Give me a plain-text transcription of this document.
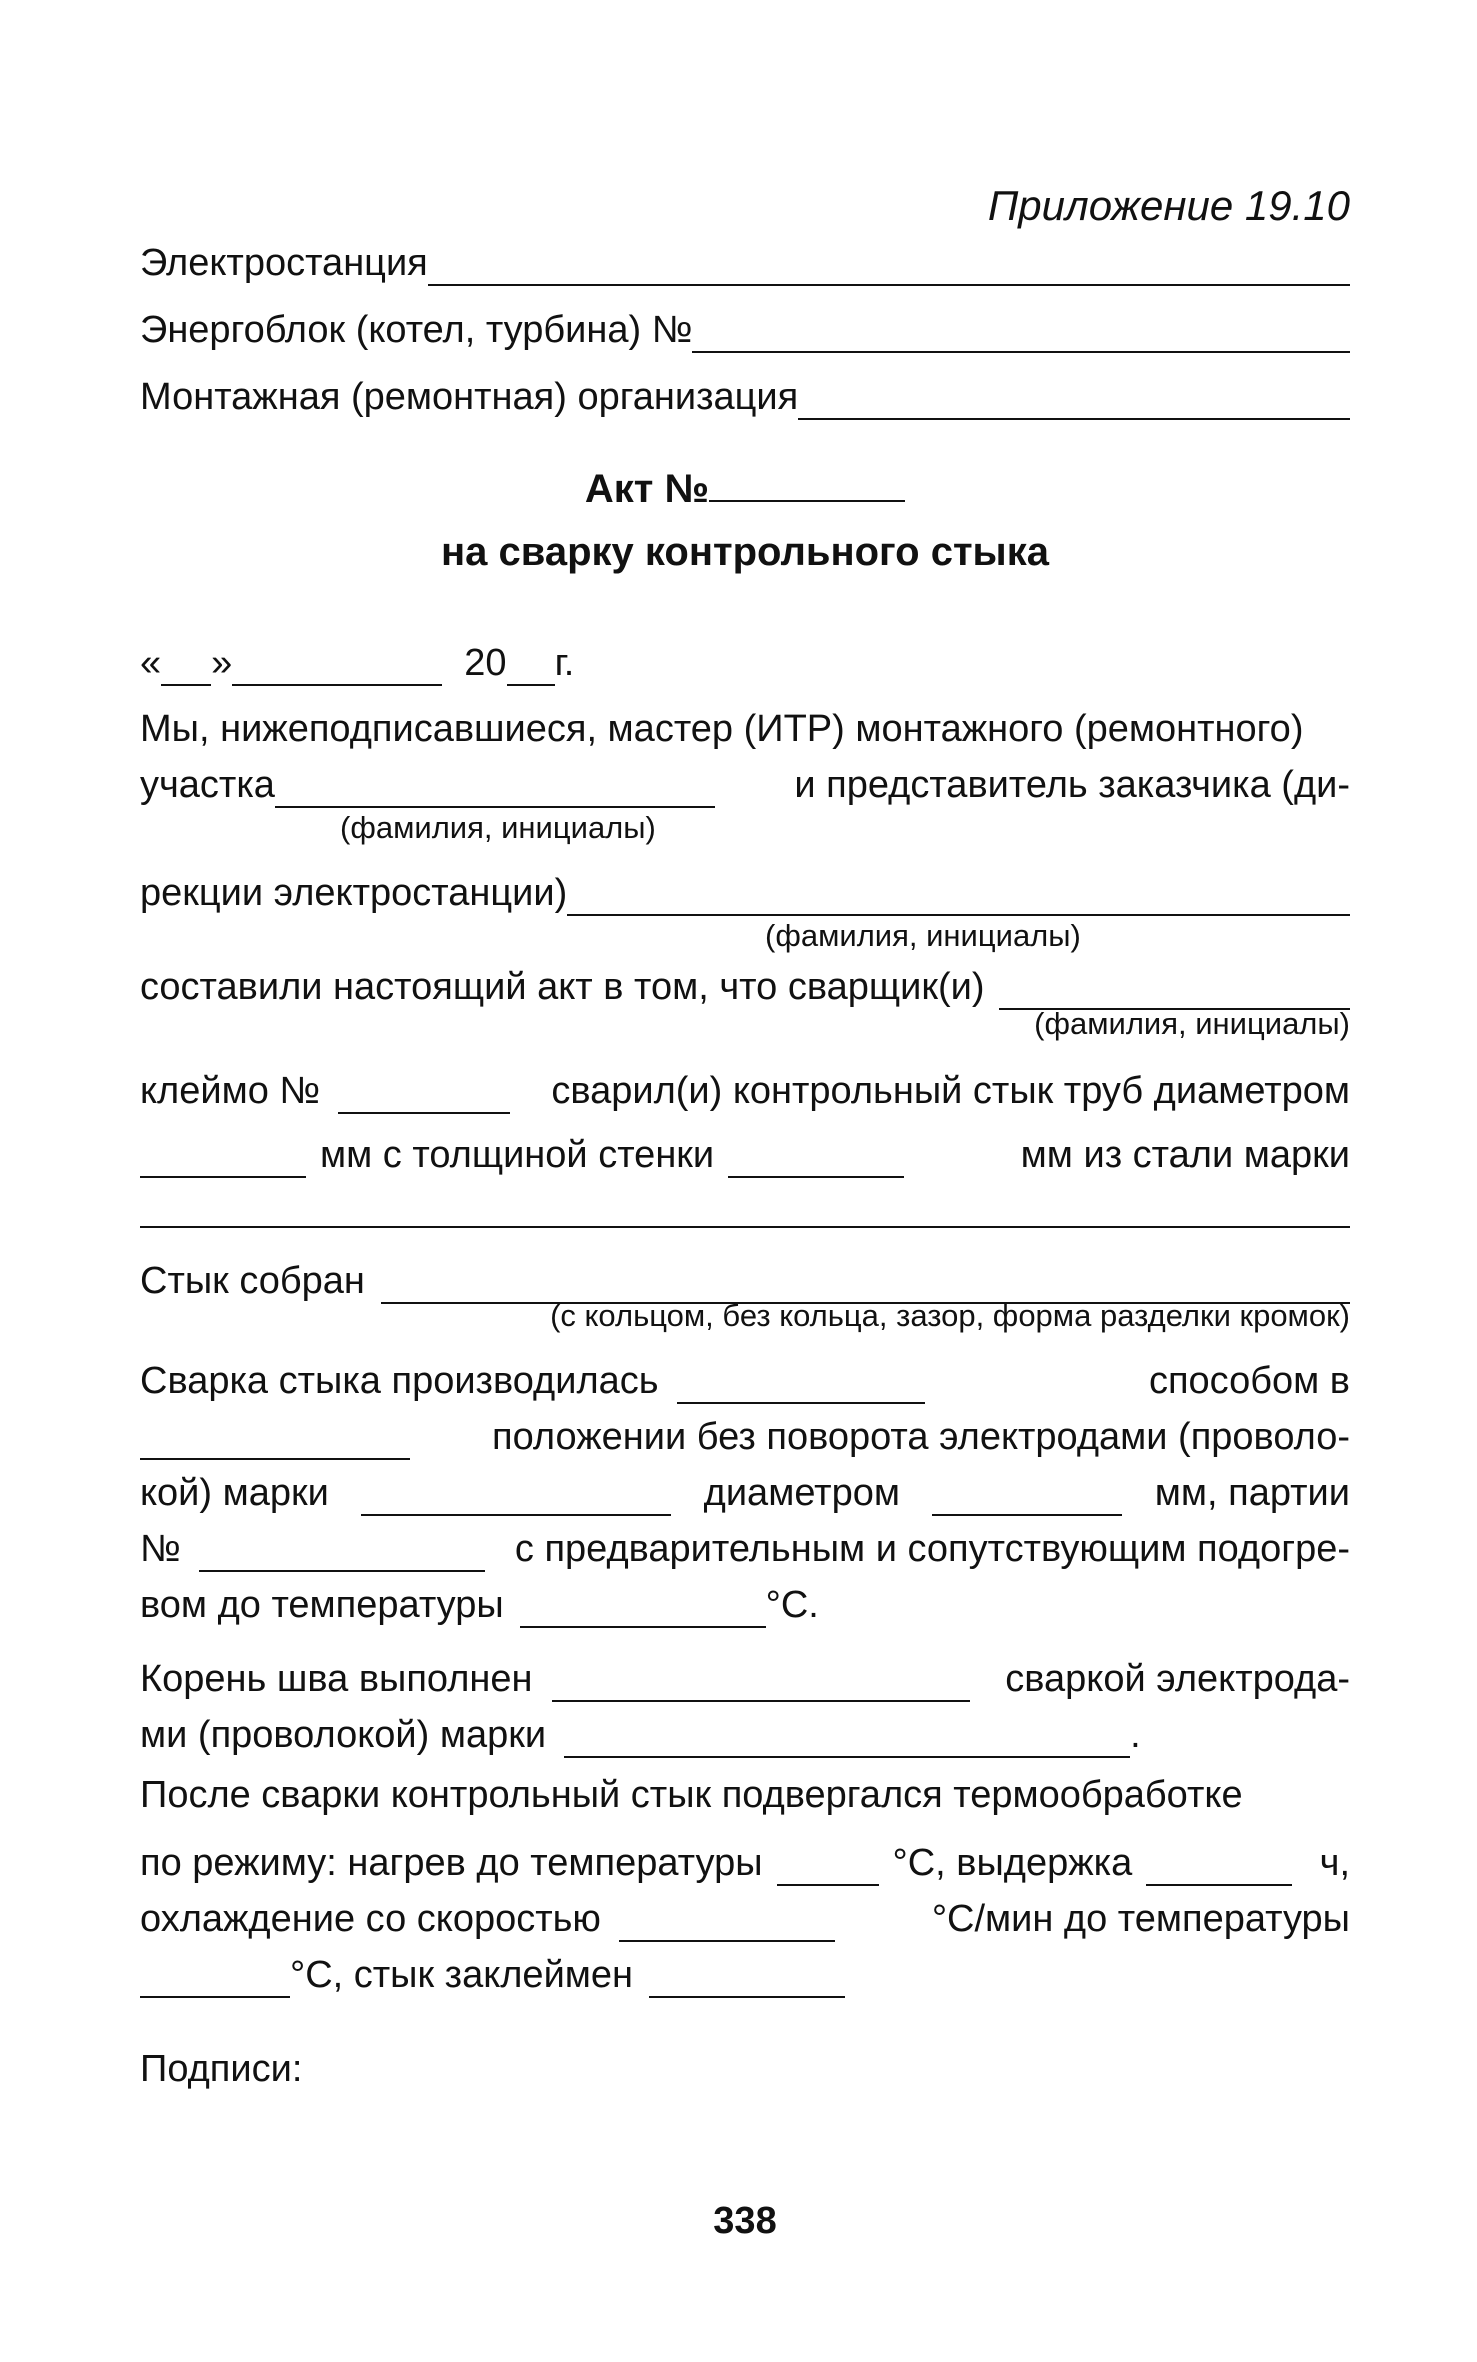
Приложение 19.10
Электростанция
Энергоблок (котел, турбина) №
Монтажная (ремонтная) организация
Акт №
на сварку контрольного стыка
« »	20 г.
Мы, нижеподписавшиеся, мастер (ИТР) монтажного (ремонтного)
участка	и представитель заказчика (ди-
(фамилия, инициалы)
рекции электростанции)
(фамилия, инициалы)
составили настоящий акт в том, что сварщик(и)
(фамилия, инициалы)
клеймо №	сварил(и) контрольный стык труб диаметром
мм с толщиной стенки	мм из стали марки
Стык собран
(с кольцом, без кольца, зазор, форма разделки кромок)
Сварка стыка производилась	способом в
положении без поворота электродами (проволо-
кой) марки	диаметром	мм, партии
№	с предварительным и сопутствующим подогре-
вом до температуры	°С.
Корень шва выполнен	сваркой электрода-
ми (проволокой) марки	.
После сварки контрольный стык подвергался термообработке
по режиму: нагрев до температуры	°С, выдержка	ч,
охлаждение со скоростью	°С/мин до температуры
°С, стык заклеймен
Подписи:
338
